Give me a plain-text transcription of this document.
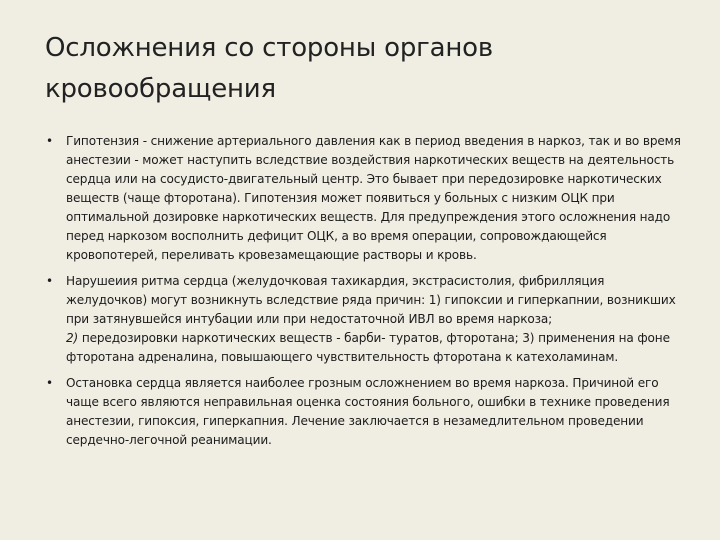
Осложнения со стороны органов кровообращения
• Гипотензия - снижение артериального давления как в период введения в наркоз, так и во время анестезии - может наступить вследствие воздействия наркотических веществ на деятельность сердца или на сосудисто-двигательный центр. Это бывает при передозировке наркотических веществ (чаще фторотана). Гипотензия может появиться у больных с низким ОЦК при оптимальной дозировке наркотических веществ. Для предупреждения этого осложнения надо перед наркозом восполнить дефицит ОЦК, а во время операции, сопровождающейся кровопотерей, переливать кровезамещающие растворы и кровь.
• Нарушеиия ритма сердца (желудочковая тахикардия, экстрасистолия, фибрилляция желудочков) могут возникнуть вследствие ряда причин: 1) гипоксии и гиперкапнии, возникших при затянувшейся интубации или при недостаточной ИВЛ во время наркоза;
2) передозировки наркотических веществ - барби- туратов, фторотана; 3) применения на фоне фторотана адреналина, повышающего чувствительность фторотана к катехоламинам.
• Остановка сердца является наиболее грозным осложнением во время наркоза. Причиной его чаще всего являются неправильная оценка состояния больного, ошибки в технике проведения анестезии, гипоксия, гиперкапния. Лечение заключается в незамедлительном проведении сердечно-легочной реанимации.
